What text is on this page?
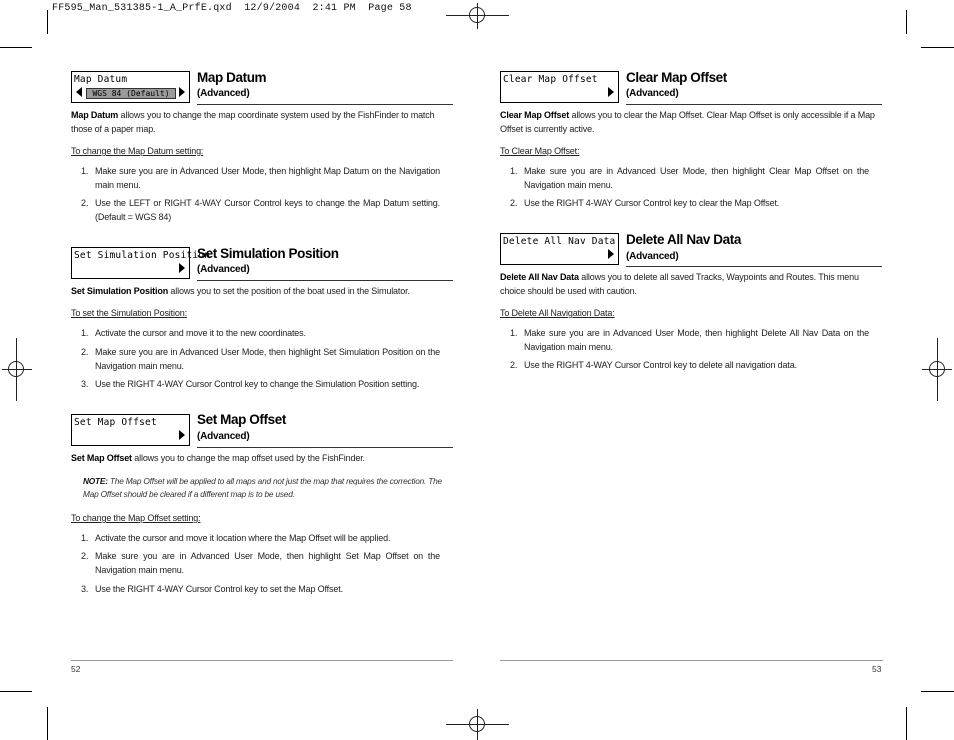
FF595_Man_531385-1_A_PrfE.qxd  12/9/2004  2:41 PM  Page 58
Map Datum
WGS 84 (Default)
Map Datum
(Advanced)
Map Datum allows you to change the map coordinate system used by the FishFinder to match those of a paper map.
To change the Map Datum setting:
1. Make sure you are in Advanced User Mode, then highlight Map Datum on the Navigation main menu.
2. Use the LEFT or RIGHT 4-WAY Cursor Control keys to change the Map Datum setting. (Default = WGS 84)
Set Simulation Position
Set Simulation Position
(Advanced)
Set Simulation Position allows you to set the position of the boat used in the Simulator.
To set the Simulation Position:
1. Activate the cursor and move it to the new coordinates.
2. Make sure you are in Advanced User Mode, then highlight Set Simulation Position on the Navigation main menu.
3. Use the RIGHT 4-WAY Cursor Control key to change the Simulation Position setting.
Set Map Offset	Set Map Offset
(Advanced)
Set Map Offset allows you to change the map offset used by the FishFinder.
NOTE: The Map Offset will be applied to all maps and not just the map that requires the correction. The Map Offset should be cleared if a different map is to be used.
To change the Map Offset setting:
1. Activate the cursor and move it location where the Map Offset will be applied.
2. Make sure you are in Advanced User Mode, then highlight Set Map Offset on the Navigation main menu.
3. Use the RIGHT 4-WAY Cursor Control key to set the Map Offset.
52
Clear Map Offset Clear Map Offset
(Advanced)
Clear Map Offset allows you to clear the Map Offset. Clear Map Offset is only accessible if a Map Offset is currently active.
To Clear Map Offset:
1. Make sure you are in Advanced User Mode, then highlight Clear Map Offset on the Navigation main menu.
2. Use the RIGHT 4-WAY Cursor Control key to clear the Map Offset.
Delete All Nav Data Delete All Nav Data
(Advanced)
Delete All Nav Data allows you to delete all saved Tracks, Waypoints and Routes. This menu choice should be used with caution.
To Delete All Navigation Data:
1. Make sure you are in Advanced User Mode, then highlight Delete All Nav Data on the Navigation main menu.
2. Use the RIGHT 4-WAY Cursor Control key to delete all navigation data.
53
